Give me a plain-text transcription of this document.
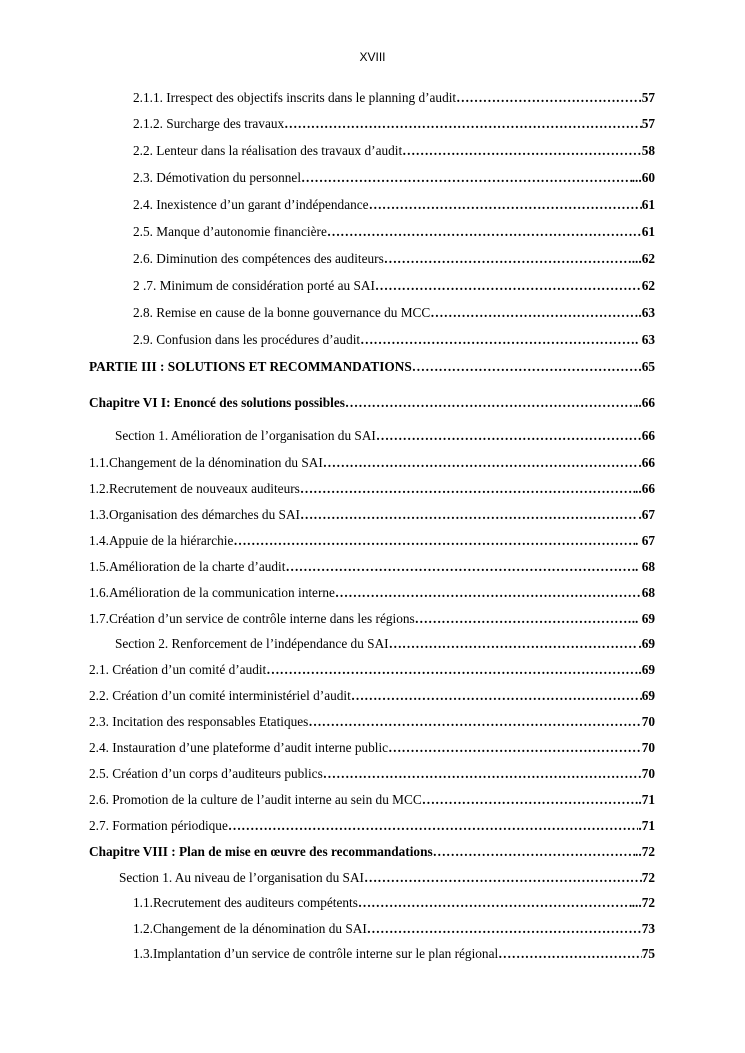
XVIII
2.1.1. Irrespect des objectifs inscrits dans le planning d’audit ……………………………………………………………………………………………………………………………………………………………	57
2.1.2. Surcharge des travaux ……………………………………………………………………………………………………………………………………………………………	57
2.2. Lenteur dans la réalisation des travaux d’audit ……………………………………………………………………………………………………………………………………………………………	58
2.3. Démotivation du personnel ……………………………………………………………………………………………………………………………………………………………	...60
2.4. Inexistence d’un garant d’indépendance ……………………………………………………………………………………………………………………………………………………………	61
2.5. Manque d’autonomie financière ……………………………………………………………………………………………………………………………………………………………	61
2.6. Diminution des compétences des auditeurs ……………………………………………………………………………………………………………………………………………………………	...62
2 .7. Minimum de considération porté au SAI ……………………………………………………………………………………………………………………………………………………………	62
2.8. Remise en cause de la bonne gouvernance du MCC ……………………………………………………………………………………………………………………………………………………………	.63
2.9. Confusion dans les procédures d’audit ……………………………………………………………………………………………………………………………………………………………	. 63
PARTIE III : SOLUTIONS ET RECOMMANDATIONS ……………………………………………………………………………………………………………………………………………………………	.65
Chapitre VI I: Enoncé des solutions possibles ……………………………………………………………………………………………………………………………………………………………	..66
Section 1. Amélioration de l’organisation du SAI ……………………………………………………………………………………………………………………………………………………………	66
1.1.Changement de la dénomination du SAI ……………………………………………………………………………………………………………………………………………………………	.66
1.2.Recrutement de nouveaux auditeurs ……………………………………………………………………………………………………………………………………………………………	..66
1.3.Organisation des démarches du SAI ……………………………………………………………………………………………………………………………………………………………	.67
1.4.Appuie de la hiérarchie ……………………………………………………………………………………………………………………………………………………………	. 67
1.5.Amélioration de la charte d’audit ……………………………………………………………………………………………………………………………………………………………	.. 68
1.6.Amélioration de la communication interne ……………………………………………………………………………………………………………………………………………………………	68
1.7.Création d’un service de contrôle interne dans les régions ……………………………………………………………………………………………………………………………………………………………	.. 69
Section 2. Renforcement de l’indépendance du SAI ……………………………………………………………………………………………………………………………………………………………	.69
2.1. Création d’un comité d’audit ……………………………………………………………………………………………………………………………………………………………	.69
2.2. Création d’un comité interministériel d’audit ……………………………………………………………………………………………………………………………………………………………	69
2.3. Incitation des responsables Etatiques ……………………………………………………………………………………………………………………………………………………………	70
2.4. Instauration d’une plateforme d’audit interne public ……………………………………………………………………………………………………………………………………………………………	70
2.5. Création d’un corps d’auditeurs publics ……………………………………………………………………………………………………………………………………………………………	70
2.6. Promotion de la culture de l’audit interne au sein du MCC ……………………………………………………………………………………………………………………………………………………………	..71
2.7. Formation périodique ……………………………………………………………………………………………………………………………………………………………	.71
Chapitre VIII : Plan de mise en œuvre des recommandations ……………………………………………………………………………………………………………………………………………………………	..72
Section 1. Au niveau de l’organisation du SAI ……………………………………………………………………………………………………………………………………………………………	72
1.1.Recrutement des auditeurs compétents ……………………………………………………………………………………………………………………………………………………………	...72
1.2.Changement de la dénomination du SAI ……………………………………………………………………………………………………………………………………………………………	73
1.3.Implantation d’un service de contrôle interne sur le plan régional ……………………………………………………………………………………………………………………………………………………………	75
